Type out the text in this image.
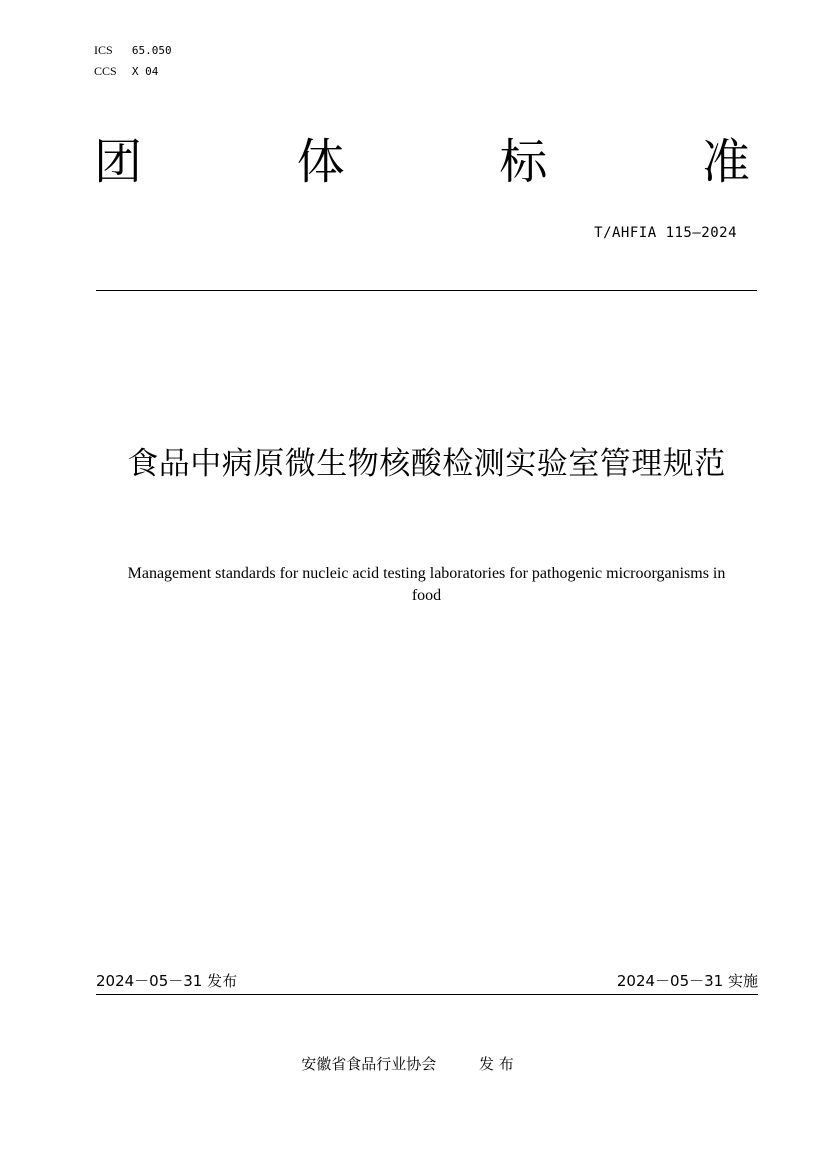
ICS 65.050
CCS X 04
团	体	标	准
T/AHFIA 115—2024
食品中病原微生物核酸检测实验室管理规范
Management standards for nucleic acid testing laboratories for pathogenic microorganisms in food
2024－05－31 发布	2024－05－31 实施
安徽省食品行业协会	发 布
